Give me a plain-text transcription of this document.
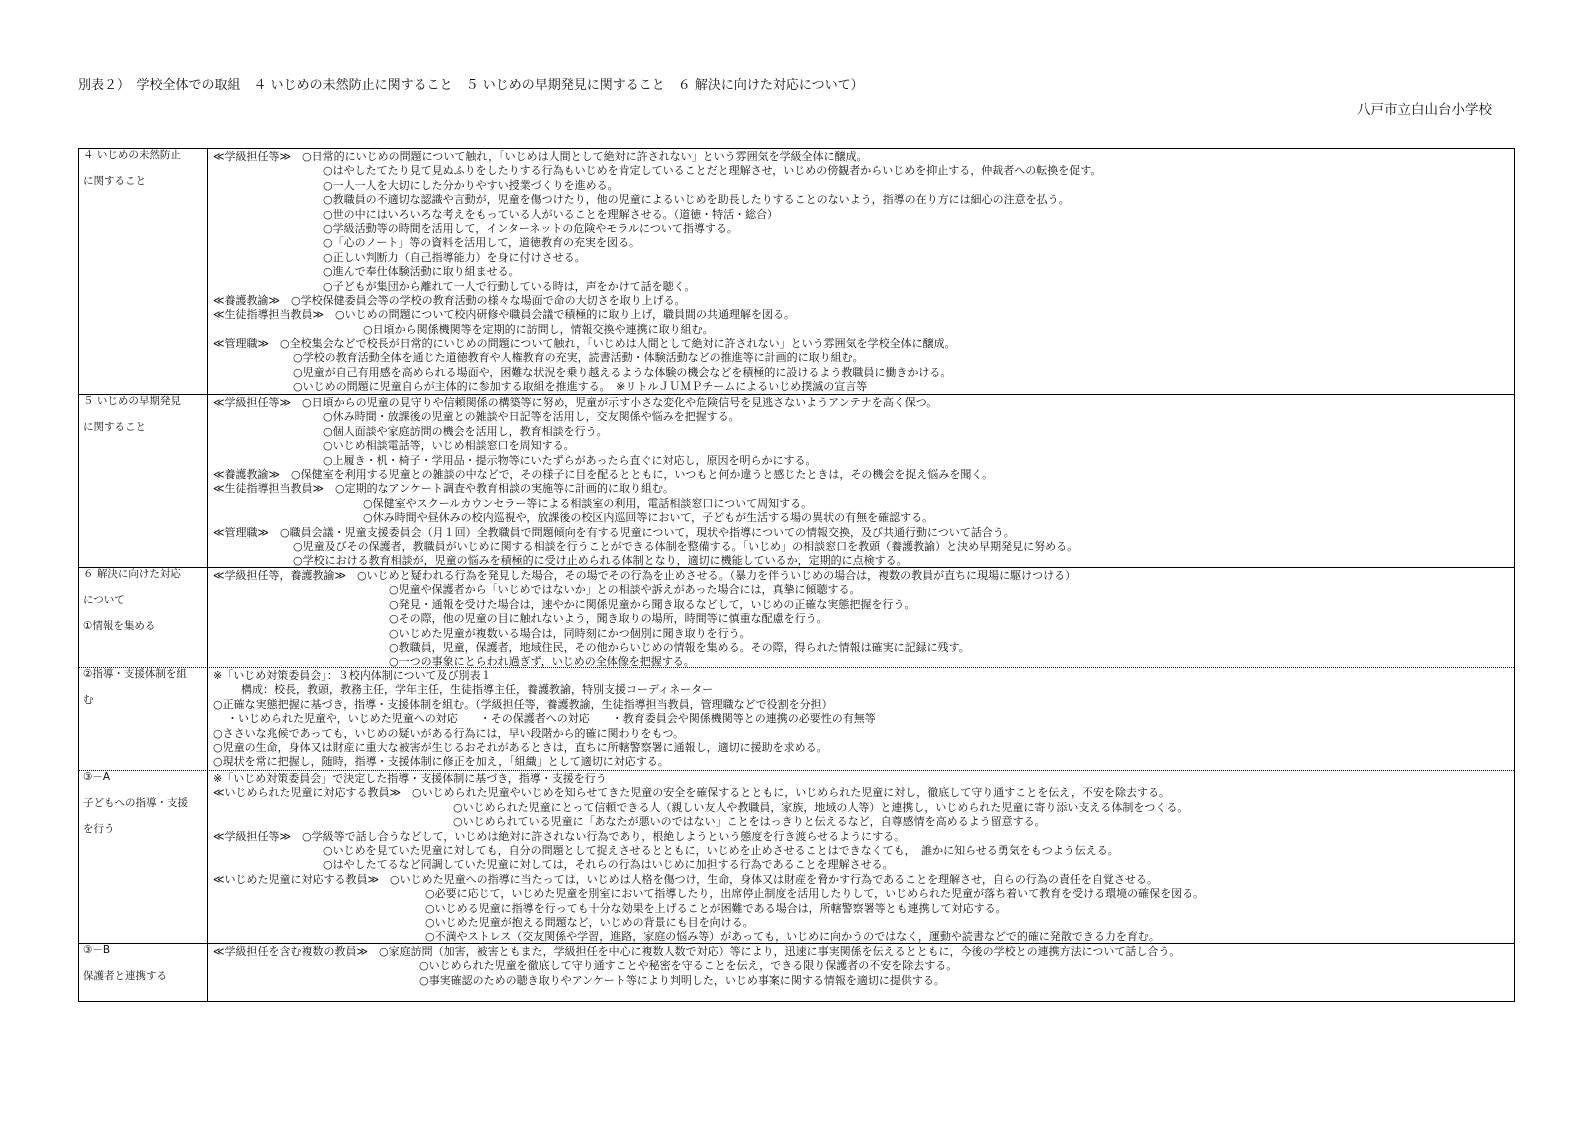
別表２）　学校全体での取組　４ いじめの未然防止に関すること　５ いじめの早期発見に関すること　６ 解決に向けた対応について）
八戸市立白山台小学校
４ いじめの未然防止
に関すること
≪学級担任等≫　○日常的にいじめの問題について触れ，「いじめは人間として絶対に許されない」という雰囲気を学級全体に醸成。
○はやしたてたり見て見ぬふりをしたりする行為もいじめを肯定していることだと理解させ，いじめの傍観者からいじめを抑止する，仲裁者への転換を促す。
○一人一人を大切にした分かりやすい授業づくりを進める。
○教職員の不適切な認識や言動が，児童を傷つけたり，他の児童によるいじめを助長したりすることのないよう，指導の在り方には細心の注意を払う。
○世の中にはいろいろな考えをもっている人がいることを理解させる。（道徳・特活・総合）
○学級活動等の時間を活用して，インターネットの危険やモラルについて指導する。
○「心のノート」等の資料を活用して，道徳教育の充実を図る。
○正しい判断力（自己指導能力）を身に付けさせる。
○進んで奉仕体験活動に取り組ませる。
○子どもが集団から離れて一人で行動している時は，声をかけて話を聴く。
≪養護教諭≫　○学校保健委員会等の学校の教育活動の様々な場面で命の大切さを取り上げる。
≪生徒指導担当教員≫　○いじめの問題について校内研修や職員会議で積極的に取り上げ，職員間の共通理解を図る。
○日頃から関係機関等を定期的に訪問し，情報交換や連携に取り組む。
≪管理職≫　○全校集会などで校長が日常的にいじめの問題について触れ，「いじめは人間として絶対に許されない」という雰囲気を学校全体に醸成。
○学校の教育活動全体を通じた道徳教育や人権教育の充実，読書活動・体験活動などの推進等に計画的に取り組む。
○児童が自己有用感を高められる場面や，困難な状況を乗り越えるような体験の機会などを積極的に設けるよう教職員に働きかける。
○いじめの問題に児童自らが主体的に参加する取組を推進する。　※リトルＪＵＭＰチームによるいじめ撲滅の宣言等
５ いじめの早期発見
に関すること
≪学級担任等≫　○日頃からの児童の見守りや信頼関係の構築等に努め，児童が示す小さな変化や危険信号を見逃さないようアンテナを高く保つ。
○休み時間・放課後の児童との雑談や日記等を活用し，交友関係や悩みを把握する。
○個人面談や家庭訪問の機会を活用し，教育相談を行う。
○いじめ相談電話等，いじめ相談窓口を周知する。
○上履き・机・椅子・学用品・提示物等にいたずらがあったら直ぐに対応し，原因を明らかにする。
≪養護教諭≫　○保健室を利用する児童との雑談の中などで，その様子に目を配るとともに，いつもと何か違うと感じたときは，その機会を捉え悩みを聞く。
≪生徒指導担当教員≫　○定期的なアンケート調査や教育相談の実施等に計画的に取り組む。
○保健室やスクールカウンセラー等による相談室の利用，電話相談窓口について周知する。
○休み時間や昼休みの校内巡視や，放課後の校区内巡回等において，子どもが生活する場の異状の有無を確認する。
≪管理職≫　○職員会議・児童支援委員会（月１回）全教職員で問題傾向を有する児童について，現状や指導についての情報交換，及び共通行動について話合う。
○児童及びその保護者，教職員がいじめに関する相談を行うことができる体制を整備する。「いじめ」の相談窓口を教頭（養護教諭）と決め早期発見に努める。
○学校における教育相談が，児童の悩みを積極的に受け止められる体制となり，適切に機能しているか，定期的に点検する。
６ 解決に向けた対応
について
①情報を集める
≪学級担任等，養護教諭≫　○いじめと疑われる行為を発見した場合，その場でその行為を止めさせる。（暴力を伴ういじめの場合は，複数の教員が直ちに現場に駆けつける）
○児童や保護者から「いじめではないか」との相談や訴えがあった場合には，真摯に傾聴する。
○発見・通報を受けた場合は，速やかに関係児童から聞き取るなどして，いじめの正確な実態把握を行う。
○その際，他の児童の目に触れないよう，聞き取りの場所，時間等に慎重な配慮を行う。
○いじめた児童が複数いる場合は，同時刻にかつ個別に聞き取りを行う。
○教職員，児童，保護者，地域住民，その他からいじめの情報を集める。その際，得られた情報は確実に記録に残す。
○一つの事象にとらわれ過ぎず，いじめの全体像を把握する。
②指導・支援体制を組
む
※「いじめ対策委員会」：３校内体制について及び別表１
構成：校長，教頭，教務主任，学年主任，生徒指導主任，養護教諭，特別支援コーディネーター
○正確な実態把握に基づき，指導・支援体制を組む。（学級担任等，養護教諭，生徒指導担当教員，管理職などで役割を分担）
・いじめられた児童や，いじめた児童への対応　　・その保護者への対応　　・教育委員会や関係機関等との連携の必要性の有無等
○ささいな兆候であっても，いじめの疑いがある行為には，早い段階から的確に関わりをもつ。
○児童の生命，身体又は財産に重大な被害が生じるおそれがあるときは，直ちに所轄警察署に通報し，適切に援助を求める。
○現状を常に把握し，随時，指導・支援体制に修正を加え，「組織」として適切に対応する。
③－A
子どもへの指導・支援
を行う
※「いじめ対策委員会」で決定した指導・支援体制に基づき，指導・支援を行う
≪いじめられた児童に対応する教員≫　○いじめられた児童やいじめを知らせてきた児童の安全を確保するとともに，いじめられた児童に対し，徹底して守り通すことを伝え，不安を除去する。
○いじめられた児童にとって信頼できる人（親しい友人や教職員，家族，地域の人等）と連携し，いじめられた児童に寄り添い支える体制をつくる。
○いじめられている児童に「あなたが悪いのではない」ことをはっきりと伝えるなど，自尊感情を高めるよう留意する。
≪学級担任等≫　○学級等で話し合うなどして，いじめは絶対に許されない行為であり，根絶しようという態度を行き渡らせるようにする。
○いじめを見ていた児童に対しても，自分の問題として捉えさせるとともに，いじめを止めさせることはできなくても，　誰かに知らせる勇気をもつよう伝える。
○はやしたてるなど同調していた児童に対しては，それらの行為はいじめに加担する行為であることを理解させる。
≪いじめた児童に対応する教員≫　○いじめた児童への指導に当たっては，いじめは人格を傷つけ，生命，身体又は財産を脅かす行為であることを理解させ，自らの行為の責任を自覚させる。
○必要に応じて，いじめた児童を別室において指導したり，出席停止制度を活用したりして，いじめられた児童が落ち着いて教育を受ける環境の確保を図る。
○いじめる児童に指導を行っても十分な効果を上げることが困難である場合は，所轄警察署等とも連携して対応する。
○いじめた児童が抱える問題など，いじめの背景にも目を向ける。
○不満やストレス（交友関係や学習，進路，家庭の悩み等）があっても，いじめに向かうのではなく，運動や読書などで的確に発散できる力を育む。
③－B
保護者と連携する
≪学級担任を含む複数の教員≫　○家庭訪問（加害，被害ともまた，学級担任を中心に複数人数で対応）等により，迅速に事実関係を伝えるとともに，今後の学校との連携方法について話し合う。
○いじめられた児童を徹底して守り通すことや秘密を守ることを伝え，できる限り保護者の不安を除去する。
○事実確認のための聴き取りやアンケート等により判明した，いじめ事案に関する情報を適切に提供する。
